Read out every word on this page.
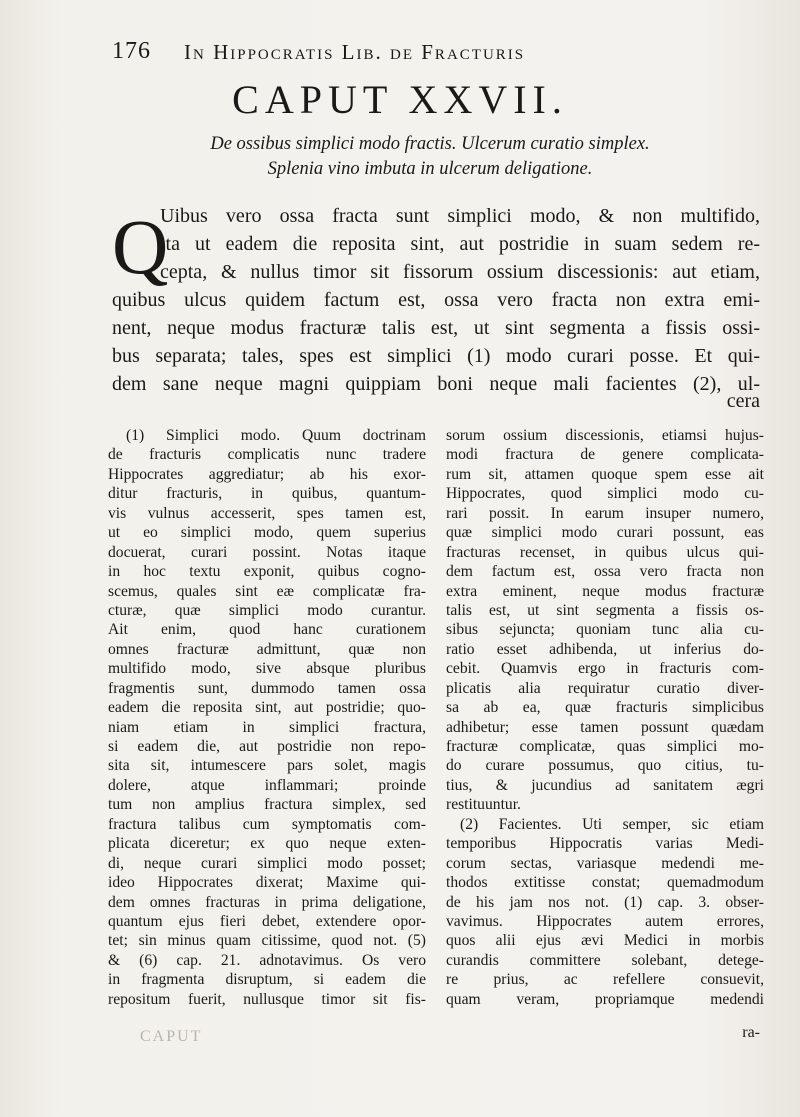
176 In Hippocratis Lib. de Fracturis
CAPUT XXVII.
De ossibus simplici modo fractis. Ulcerum curatio simplex.
Splenia vino imbuta in ulcerum deligatione.
Q
Uibus vero ossa fracta sunt simplici modo, & non multifido,
ita ut eadem die reposita sint, aut postridie in suam sedem re-
cepta, & nullus timor sit fissorum ossium discessionis: aut etiam,
quibus ulcus quidem factum est, ossa vero fracta non extra emi-
nent, neque modus fracturæ talis est, ut sint segmenta a fissis ossi-
bus separata; tales, spes est simplici (1) modo curari posse. Et qui-
dem sane neque magni quippiam boni neque mali facientes (2), ul-
cera
(1) Simplici modo. Quum doctrinam
de fracturis complicatis nunc tradere
Hippocrates aggrediatur; ab his exor-
ditur fracturis, in quibus, quantum-
vis vulnus accesserit, spes tamen est,
ut eo simplici modo, quem superius
docuerat, curari possint. Notas itaque
in hoc textu exponit, quibus cogno-
scemus, quales sint eæ complicatæ fra-
cturæ, quæ simplici modo curantur.
Ait enim, quod hanc curationem
omnes fracturæ admittunt, quæ non
multifido modo, sive absque pluribus
fragmentis sunt, dummodo tamen ossa
eadem die reposita sint, aut postridie; quo-
niam etiam in simplici fractura,
si eadem die, aut postridie non repo-
sita sit, intumescere pars solet, magis
dolere, atque inflammari; proinde
tum non amplius fractura simplex, sed
fractura talibus cum symptomatis com-
plicata diceretur; ex quo neque exten-
di, neque curari simplici modo posset;
ideo Hippocrates dixerat; Maxime qui-
dem omnes fracturas in prima deligatione,
quantum ejus fieri debet, extendere opor-
tet; sin minus quam citissime, quod not. (5)
& (6) cap. 21. adnotavimus. Os vero
in fragmenta disruptum, si eadem die
repositum fuerit, nullusque timor sit fis-
sorum ossium discessionis, etiamsi hujus-
modi fractura de genere complicata-
rum sit, attamen quoque spem esse ait
Hippocrates, quod simplici modo cu-
rari possit. In earum insuper numero,
quæ simplici modo curari possunt, eas
fracturas recenset, in quibus ulcus qui-
dem factum est, ossa vero fracta non
extra eminent, neque modus fracturæ
talis est, ut sint segmenta a fissis os-
sibus sejuncta; quoniam tunc alia cu-
ratio esset adhibenda, ut inferius do-
cebit. Quamvis ergo in fracturis com-
plicatis alia requiratur curatio diver-
sa ab ea, quæ fracturis simplicibus
adhibetur; esse tamen possunt quædam
fracturæ complicatæ, quas simplici mo-
do curare possumus, quo citius, tu-
tius, & jucundius ad sanitatem ægri
restituuntur.
(2) Facientes. Uti semper, sic etiam
temporibus Hippocratis varias Medi-
corum sectas, variasque medendi me-
thodos extitisse constat; quemadmodum
de his jam nos not. (1) cap. 3. obser-
vavimus. Hippocrates autem errores,
quos alii ejus ævi Medici in morbis
curandis committere solebant, detege-
re prius, ac refellere consuevit,
quam veram, propriamque medendi
ra-
CAPUT
